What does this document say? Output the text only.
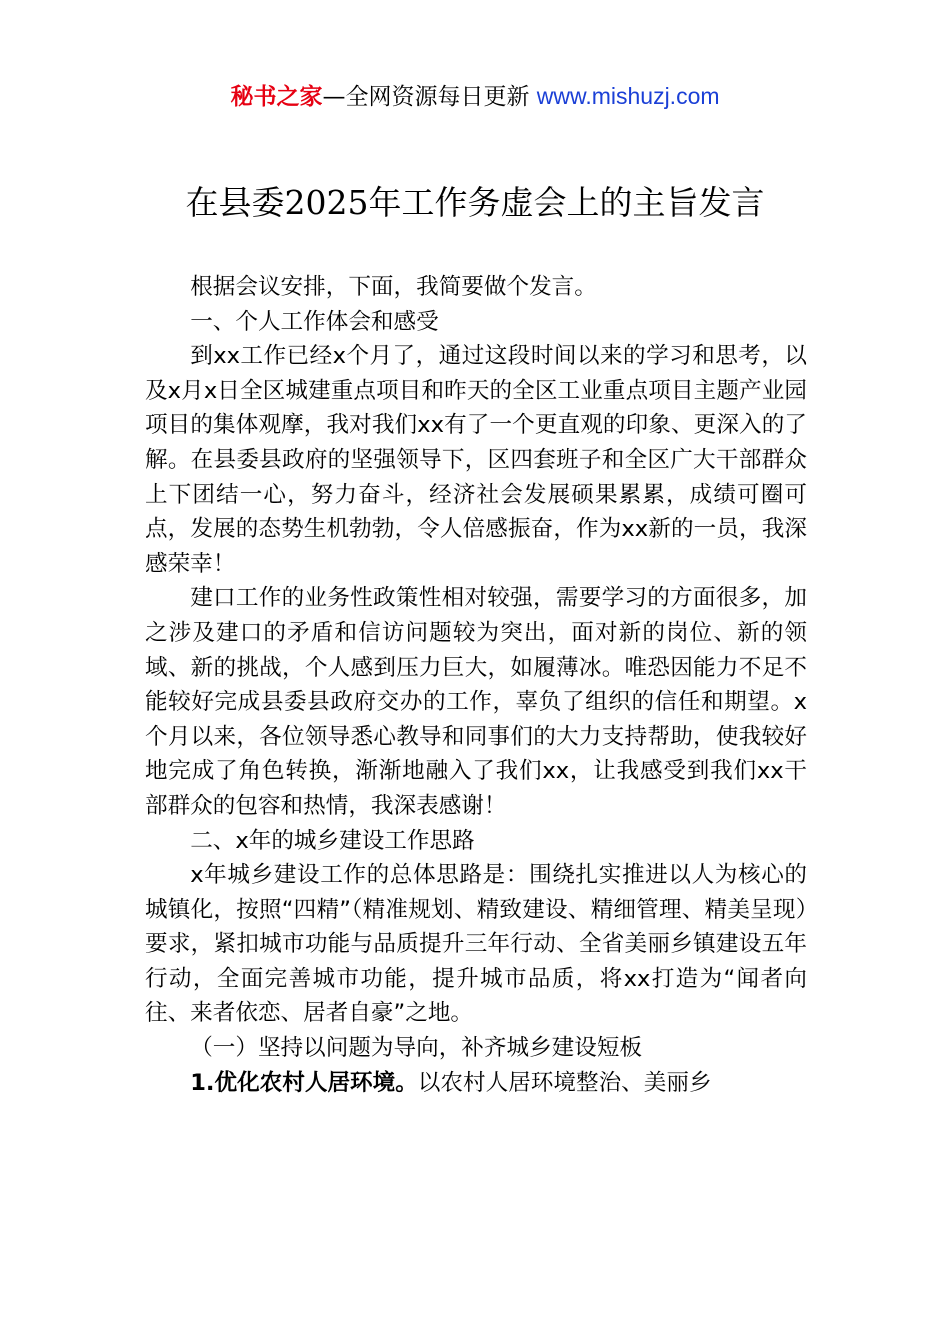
秘书之家—全网资源每日更新 www.mishuzj.com
在县委2025年工作务虚会上的主旨发言

根据会议安排，下面，我简要做个发言。

一、个人工作体会和感受

到xx工作已经x个月了，通过这段时间以来的学习和思考，以及x月x日全区城建重点项目和昨天的全区工业重点项目主题产业园项目的集体观摩，我对我们xx有了一个更直观的印象、更深入的了解。在县委县政府的坚强领导下，区四套班子和全区广大干部群众上下团结一心，努力奋斗，经济社会发展硕果累累，成绩可圈可点，发展的态势生机勃勃，令人倍感振奋，作为xx新的一员，我深感荣幸！

建口工作的业务性政策性相对较强，需要学习的方面很多，加之涉及建口的矛盾和信访问题较为突出，面对新的岗位、新的领域、新的挑战，个人感到压力巨大，如履薄冰。唯恐因能力不足不能较好完成县委县政府交办的工作，辜负了组织的信任和期望。x个月以来，各位领导悉心教导和同事们的大力支持帮助，使我较好地完成了角色转换，渐渐地融入了我们xx，让我感受到我们xx干部群众的包容和热情，我深表感谢！

二、x年的城乡建设工作思路

x年城乡建设工作的总体思路是：围绕扎实推进以人为核心的城镇化，按照“四精”（精准规划、精致建设、精细管理、精美呈现）要求，紧扣城市功能与品质提升三年行动、全省美丽乡镇建设五年行动，全面完善城市功能，提升城市品质，将xx打造为“闻者向往、来者依恋、居者自豪”之地。

（一）坚持以问题为导向，补齐城乡建设短板

1.优化农村人居环境。以农村人居环境整治、美丽乡
